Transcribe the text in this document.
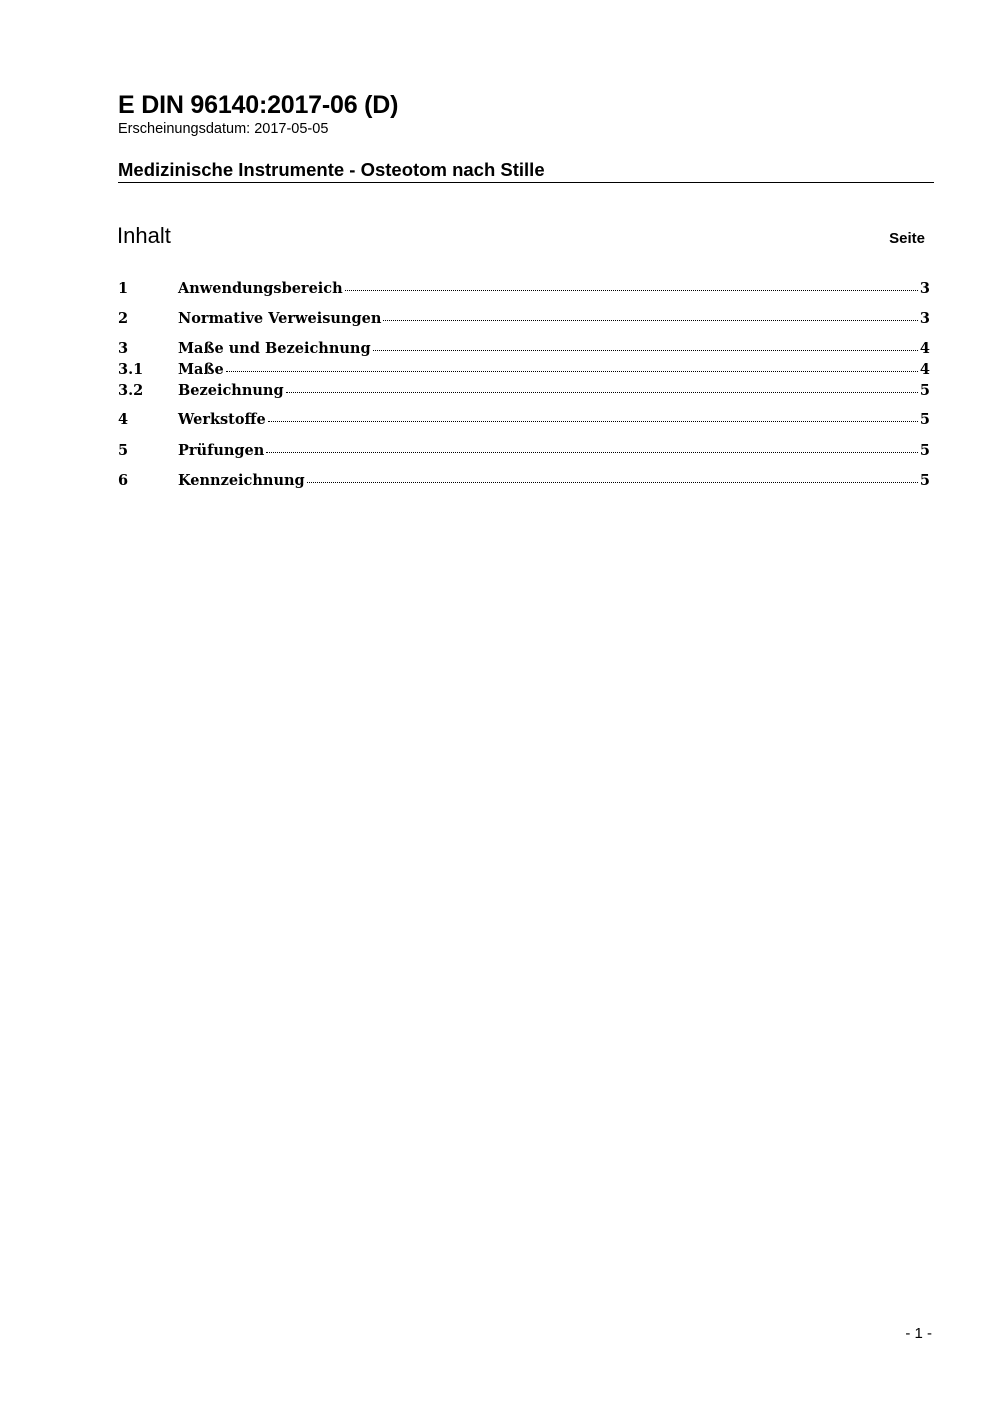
E DIN 96140:2017-06 (D)
Erscheinungsdatum: 2017-05-05
Medizinische Instrumente - Osteotom nach Stille
Inhalt	Seite
1	Anwendungsbereich	3
2	Normative Verweisungen	3
3	Maße und Bezeichnung	4
3.1	Maße	4
3.2	Bezeichnung	5
4	Werkstoffe	5
5	Prüfungen	5
6	Kennzeichnung	5
- 1 -
